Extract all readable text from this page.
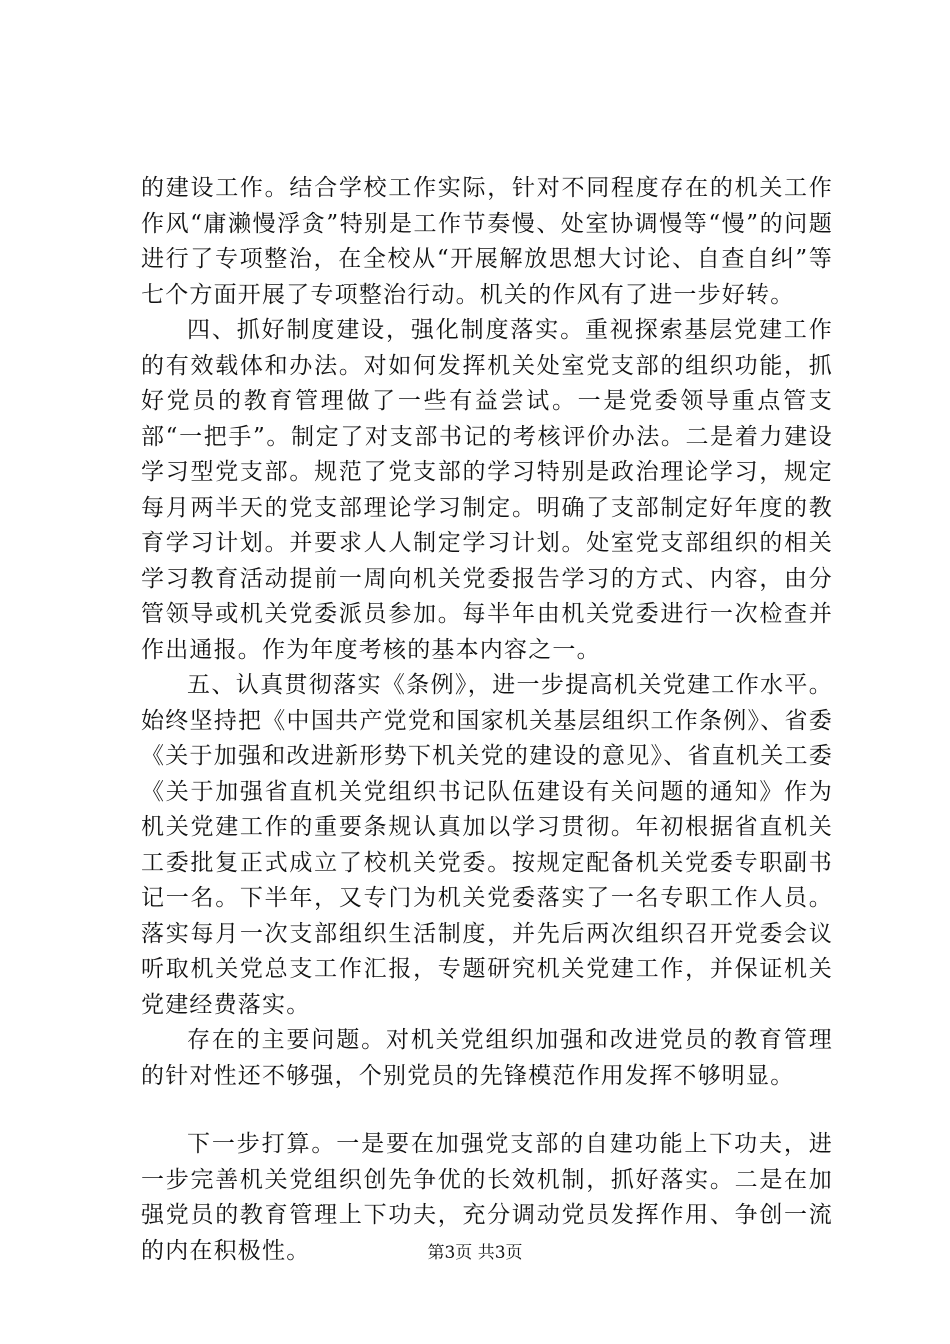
的建设工作。结合学校工作实际，针对不同程度存在的机关工作作风“庸濑慢浮贪”特别是工作节奏慢、处室协调慢等“慢”的问题进行了专项整治，在全校从“开展解放思想大讨论、自查自纠”等七个方面开展了专项整治行动。机关的作风有了进一步好转。

四、抓好制度建设，强化制度落实。重视探索基层党建工作的有效载体和办法。对如何发挥机关处室党支部的组织功能，抓好党员的教育管理做了一些有益尝试。一是党委领导重点管支部“一把手”。制定了对支部书记的考核评价办法。二是着力建设学习型党支部。规范了党支部的学习特别是政治理论学习，规定每月两半天的党支部理论学习制定。明确了支部制定好年度的教育学习计划。并要求人人制定学习计划。处室党支部组织的相关学习教育活动提前一周向机关党委报告学习的方式、内容，由分管领导或机关党委派员参加。每半年由机关党委进行一次检查并作出通报。作为年度考核的基本内容之一。

五、认真贯彻落实《条例》，进一步提高机关党建工作水平。始终坚持把《中国共产党党和国家机关基层组织工作条例》、省委《关于加强和改进新形势下机关党的建设的意见》、省直机关工委《关于加强省直机关党组织书记队伍建设有关问题的通知》作为机关党建工作的重要条规认真加以学习贯彻。年初根据省直机关工委批复正式成立了校机关党委。按规定配备机关党委专职副书记一名。下半年，又专门为机关党委落实了一名专职工作人员。落实每月一次支部组织生活制度，并先后两次组织召开党委会议听取机关党总支工作汇报，专题研究机关党建工作，并保证机关党建经费落实。

存在的主要问题。对机关党组织加强和改进党员的教育管理的针对性还不够强，个别党员的先锋模范作用发挥不够明显。

下一步打算。一是要在加强党支部的自建功能上下功夫，进一步完善机关党组织创先争优的长效机制，抓好落实。二是在加强党员的教育管理上下功夫，充分调动党员发挥作用、争创一流的内在积极性。	第3页 共3页
